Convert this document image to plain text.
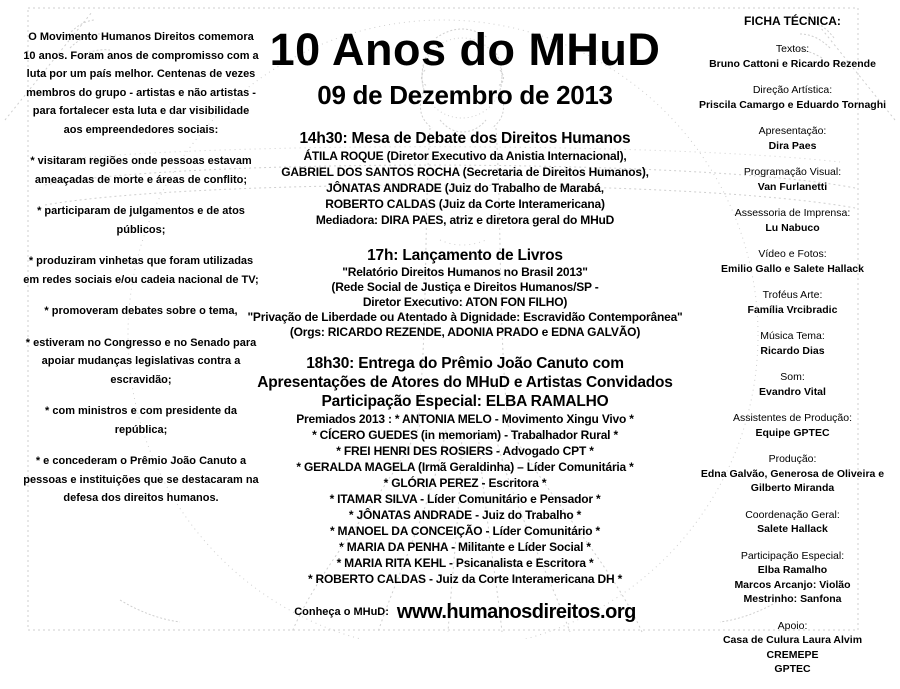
O Movimento Humanos Direitos comemora 10 anos. Foram anos de compromisso com a luta por um país melhor. Centenas de vezes membros do grupo - artistas e não artistas - para fortalecer esta luta e dar visibilidade aos empreendedores sociais:

* visitaram regiões onde pessoas estavam ameaçadas de morte e áreas de conflito;

* participaram de julgamentos e de atos públicos;

* produziram vinhetas que foram utilizadas em redes sociais e/ou cadeia nacional de TV;

* promoveram debates sobre o tema,

* estiveram no Congresso e no Senado para apoiar mudanças legislativas contra a escravidão;

* com ministros e com presidente da república;

* e concederam o Prêmio João Canuto a pessoas e instituições que se destacaram na defesa dos direitos humanos.

10 Anos do MHuD
09 de Dezembro de 2013
14h30: Mesa de Debate dos Direitos Humanos
ÁTILA ROQUE (Diretor Executivo da Anistia Internacional),
GABRIEL DOS SANTOS ROCHA (Secretaria de Direitos Humanos),
JÔNATAS ANDRADE (Juiz do Trabalho de Marabá,
ROBERTO CALDAS (Juiz da Corte Interamericana)
Mediadora: DIRA PAES, atriz e diretora geral do MHuD
17h: Lançamento de Livros
"Relatório Direitos Humanos no Brasil 2013"
(Rede Social de Justiça e Direitos Humanos/SP -
Diretor Executivo: ATON FON FILHO)
"Privação de Liberdade ou Atentado à Dignidade: Escravidão Contemporânea"
(Orgs: RICARDO REZENDE, ADONIA PRADO e EDNA GALVÃO)
18h30: Entrega do Prêmio João Canuto com
Apresentações de Atores do MHuD e Artistas Convidados
Participação Especial: ELBA RAMALHO
Premiados 2013 : * ANTONIA MELO - Movimento Xingu Vivo *
* CÍCERO GUEDES (in memoriam) - Trabalhador Rural *
* FREI HENRI DES ROSIERS - Advogado CPT *
* GERALDA MAGELA (Irmã Geraldinha) – Líder Comunitária *
* GLÓRIA PEREZ - Escritora *
* ITAMAR SILVA - Líder Comunitário e Pensador *
* JÔNATAS ANDRADE - Juiz do Trabalho *
* MANOEL DA CONCEIÇÃO - Líder Comunitário *
* MARIA DA PENHA - Militante e Líder Social *
* MARIA RITA KEHL - Psicanalista e Escritora *
* ROBERTO CALDAS - Juiz da Corte Interamericana DH *
Conheça o MHuD: www.humanosdireitos.org
FICHA TÉCNICA:
Textos:
Bruno Cattoni e Ricardo Rezende
Direção Artística:
Priscila Camargo e Eduardo Tornaghi
Apresentação:
Dira Paes
Programação Visual:
Van Furlanetti
Assessoria de Imprensa:
Lu Nabuco
Vídeo e Fotos:
Emilio Gallo e Salete Hallack
Troféus Arte:
Família Vrcibradic
Música Tema:
Ricardo Dias
Som:
Evandro Vital
Assistentes de Produção:
Equipe GPTEC
Produção:
Edna Galvão, Generosa de Oliveira e
Gilberto Miranda
Coordenação Geral:
Salete Hallack
Participação Especial:
Elba Ramalho
Marcos Arcanjo: Violão
Mestrinho: Sanfona
Apoio:
Casa de Culura Laura Alvim
CREMEPE
GPTEC
